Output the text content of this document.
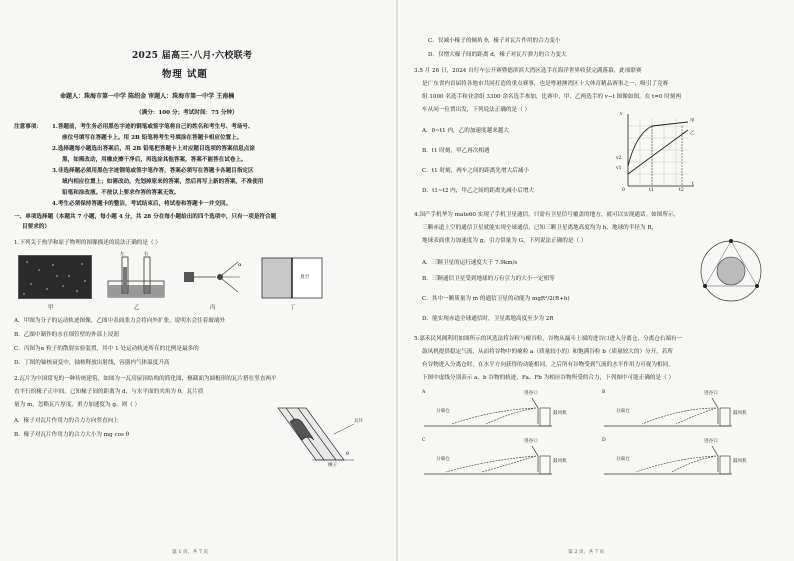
2025 届高三·八月·六校联考
物理 试题
命题人：珠海市第一中学 陈绍金 审题人：珠海市第一中学 王南楠
（满分：100 分；考试时间：75 分钟）
注意事项： 1.答题前，考生务必用黑色字迹的钢笔或签字笔将自己的姓名和考生号、考场号、
座位号填写在答题卡上。用 2B 铅笔将考生号填涂在答题卡相应位置上。
2.选择题每小题选出答案后，用 2B 铅笔把答题卡上对应题目选项的答案信息点涂
黑，如需改动，用橡皮擦干净后，再选涂其他答案，答案不能答在试卷上。
3.非选择题必须用黑色字迹钢笔或签字笔作答，答案必须写在答题卡各题目指定区
域内相应位置上；如需改动，先划掉原来的答案，然后再写上新的答案，不准使用
铅笔和涂改液。不按以上要求作答的答案无效。
4.考生必须保持答题卡的整洁，考试结束后，将试卷和答题卡一并交回。
一、单项选择题（本题共 7 小题，每小题 4 分，共 28 分在每小题给出的四个选项中，只有一项是符合题
目要求的）
1.下列关于热学和原子物理的图像描述的说法正确的是（ ）
左	右
α
真空
甲	乙	丙	丁
A．甲图为分子的运动轨迹图像，乙图中表面张力会将向外扩张，说明水会往着玻璃外
B．乙图中制作的水在细管壁的外部上浸润
C．丙图为α 粒子的散射实验装置，其中 1 处运动轨迹所在的比例是最多的
D．丁图的铀核衰变中，铀核释放出射线，容器内气体温度升高
2.瓦片为中国常见的一种传统建筑，如图为一瓦房屋顶结构的简化图，檩截面为圆棍形的瓦片搭在竖直两平
直平行的椽子正中间。已知椽子间的距离为 d，与水平面的夹角为 θ，瓦片质
量为 m，忽略瓦片厚度，重力加速度为 g。则（ ）
A．椽子对瓦片作用力的合力方向竖直向上
B．椽子对瓦片作用力的合力大小为 mg cos θ
瓦片
椽子
θ
第 1 页，共 7 页
C．仅减小椽子的倾角 θ，椽子对瓦片作用的合力变小
D．仅增大椽子间的距离 d，椽子对瓦片弹力的合力变大
3.5 月 26 日，2024 自行车公开赛暨德滨滨大湾区选手在海洋世界收获完满落幕，此项联赛
是广东省内首届将各地市共同打造的重点赛事，也是粤港澳湾区十大体育精品赛事之一，吸引了竞赛
组 1000 名选手和业余组 3300 余名选手参加，比赛中，甲、乙两选手的 v−t 图像如图，在 t=0 时刻两
车从同一位置出发，下列说法正确的是（ ）
A．0~t1 内，乙的加速度越来越大
B．t1 时刻，甲乙再次相遇
C．t1 时刻，两车之间的距离先增大后减小
D．t1~t2 内，甲乙之间的距离先减小后增大
v
v2
v1
甲
乙
0	t1	t2
t
4.国产手机华为 mate60 实现了手机卫星通信，只需有卫星信号覆盖的地方，就可以实现通话。如图所示，
三颗赤道上空的通信卫星就能实现全球通信，已知三颗卫星离地高度均为 h，地球的半径为 R，
地球表面重力加速度为 g，引力常量为 G，下列说法正确的是（ ）
A．三颗卫星的运行速度大于 7.9km/s
B．三颗通信卫星受到地球的万有引力的大小一定相等
C．其中一颗质量为 m 的通信卫星的动能为 mgR²/2(R+h)
D．能实现赤道全球通信时，卫星离地高度至少为 2R
5.嘉禾民风阁利用如图所示的风选法将谷粒与瘪谷粒，谷物从漏斗上端的进谷口进入分离仓，分离仓右端有一
鼓风机提供稳定气流，从而将谷物中的瘪粒 a（质量较小的）和饱满谷粒 b（质量较大的）分开。若所
有谷物进入分离仓时，在水平方向获得的动能相同，之后所有谷物受到气流的水平作用力可视为相同。
下图中虚线分别表示 a、b 谷物的轨迹，Fa、Fb 为相应谷物所受的合力，下列图中可能正确的是（ ）
A
分离仓
进谷口
鼓风机
B
分离仓
进谷口
鼓风机
C
分离仓
进谷口
鼓风机
D
分离仓
进谷口
鼓风机
第 2 页，共 7 页
